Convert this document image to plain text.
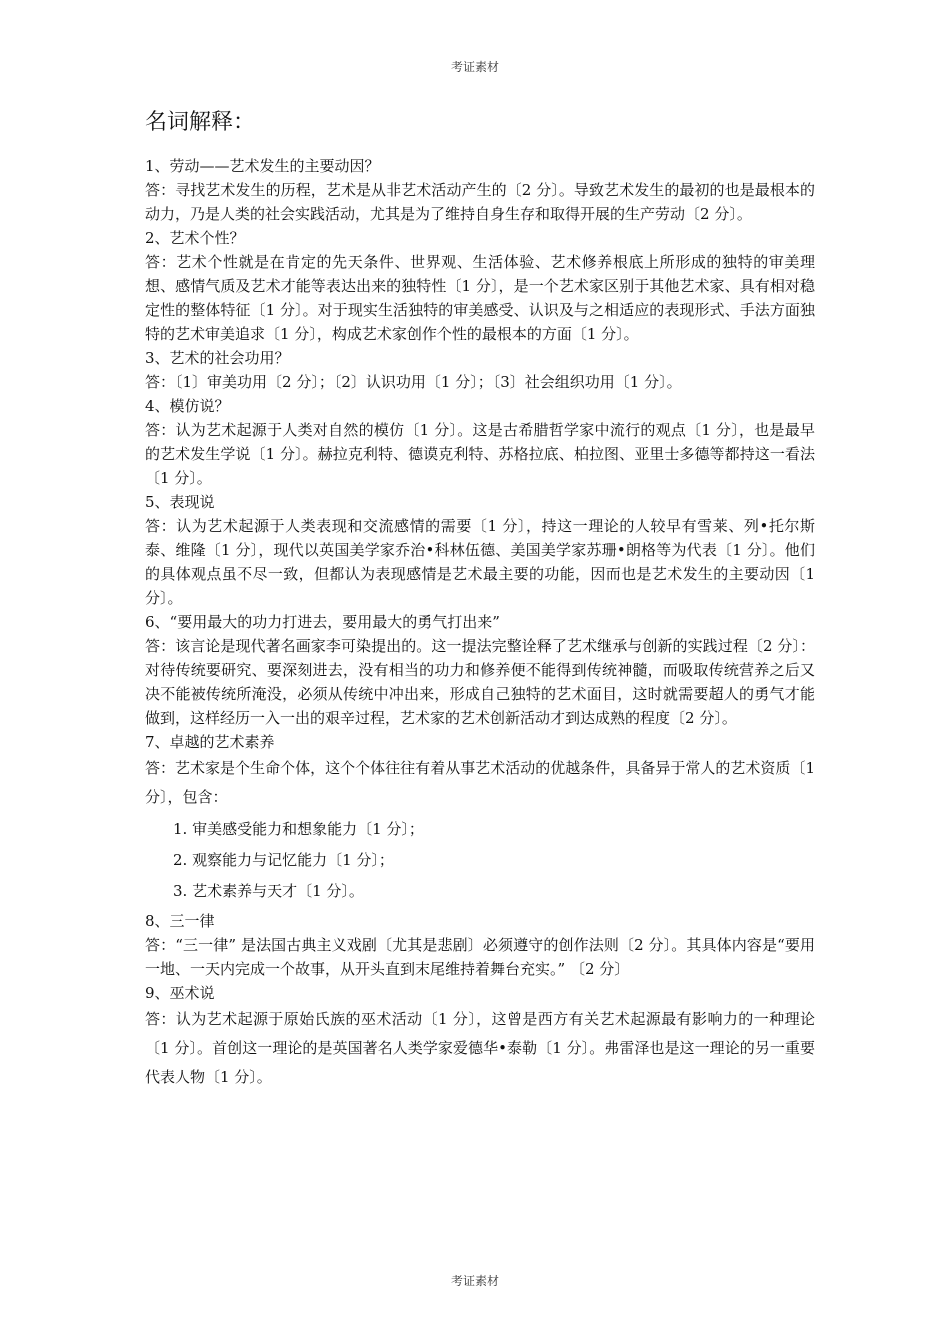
考证素材
名词解释：

1、劳动——艺术发生的主要动因？

答：寻找艺术发生的历程，艺术是从非艺术活动产生的〔2 分〕。导致艺术发生的最初的也是最根本的动力，乃是人类的社会实践活动，尤其是为了维持自身生存和取得开展的生产劳动〔2 分〕。

2、艺术个性？

答：艺术个性就是在肯定的先天条件、世界观、生活体验、艺术修养根底上所形成的独特的审美理想、感情气质及艺术才能等表达出来的独特性〔1 分〕，是一个艺术家区别于其他艺术家、具有相对稳定性的整体特征〔1 分〕。对于现实生活独特的审美感受、认识及与之相适应的表现形式、手法方面独特的艺术审美追求〔1 分〕，构成艺术家创作个性的最根本的方面〔1 分〕。

3、艺术的社会功用？

答：〔1〕审美功用〔2 分〕；〔2〕认识功用〔1 分〕；〔3〕社会组织功用〔1 分〕。

4、模仿说？

答：认为艺术起源于人类对自然的模仿〔1 分〕。这是古希腊哲学家中流行的观点〔1 分〕，也是最早的艺术发生学说〔1 分〕。赫拉克利特、德谟克利特、苏格拉底、柏拉图、亚里士多德等都持这一看法〔1 分〕。

5、表现说

答：认为艺术起源于人类表现和交流感情的需要〔1 分〕，持这一理论的人较早有雪莱、列•托尔斯泰、维隆〔1 分〕，现代以英国美学家乔治•科林伍德、美国美学家苏珊•朗格等为代表〔1 分〕。他们的具体观点虽不尽一致，但都认为表现感情是艺术最主要的功能，因而也是艺术发生的主要动因〔1 分〕。

6、“要用最大的功力打进去，要用最大的勇气打出来”

答：该言论是现代著名画家李可染提出的。这一提法完整诠释了艺术继承与创新的实践过程〔2 分〕：对待传统要研究、要深刻进去，没有相当的功力和修养便不能得到传统神髓，而吸取传统营养之后又决不能被传统所淹没，必须从传统中冲出来，形成自己独特的艺术面目，这时就需要超人的勇气才能做到，这样经历一入一出的艰辛过程，艺术家的艺术创新活动才到达成熟的程度〔2 分〕。

7、卓越的艺术素养

答：艺术家是个生命个体，这个个体往往有着从事艺术活动的优越条件，具备异于常人的艺术资质〔1 分〕，包含：

1. 审美感受能力和想象能力〔1 分〕；
2. 观察能力与记忆能力〔1 分〕；
3. 艺术素养与天才〔1 分〕。

8、三一律

答：“三一律” 是法国古典主义戏剧〔尤其是悲剧〕必须遵守的创作法则〔2 分〕。其具体内容是“要用一地、一天内完成一个故事，从开头直到末尾维持着舞台充实。” 〔2 分〕

9、巫术说

答：认为艺术起源于原始氏族的巫术活动〔1 分〕，这曾是西方有关艺术起源最有影响力的一种理论〔1 分〕。首创这一理论的是英国著名人类学家爱德华•泰勒〔1 分〕。弗雷泽也是这一理论的另一重要代表人物〔1 分〕。

考证素材
